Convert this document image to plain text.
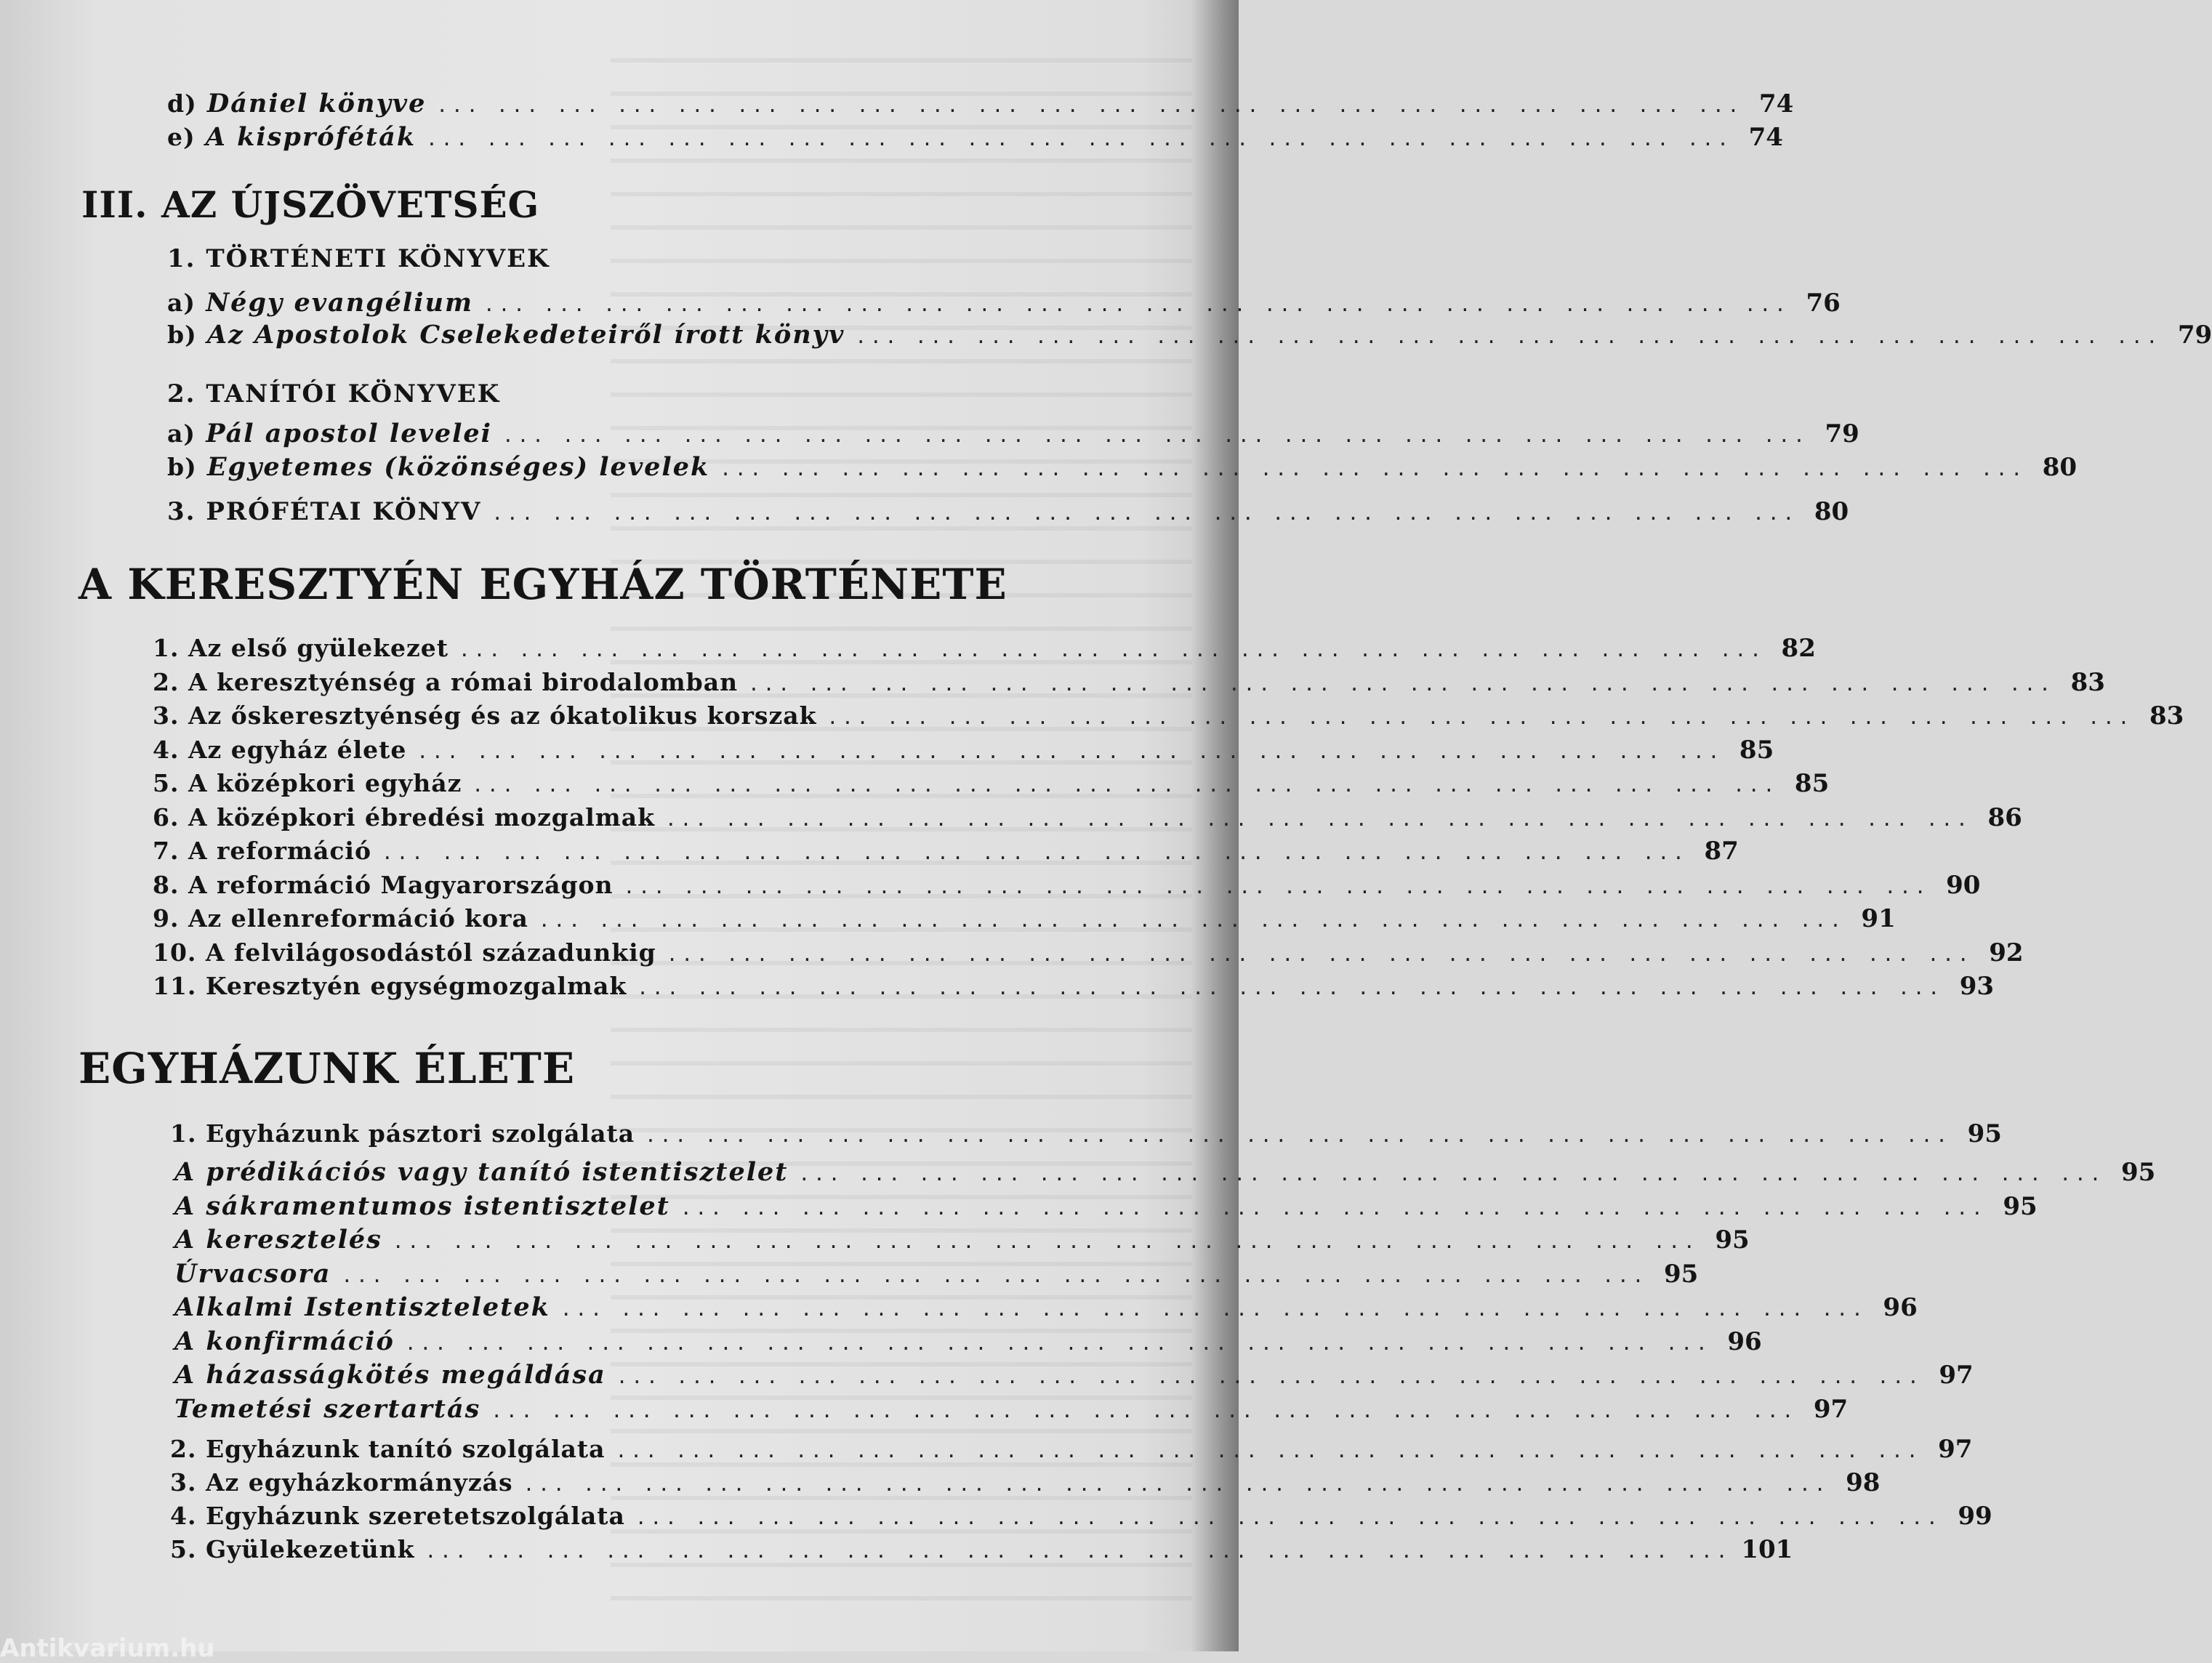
d) Dániel könyve ... ... ... ... ... ... ... ... ... ... ... ... ... ... ... ... ... ... ... ... ... ... 74
e) A kispróféták ... ... ... ... ... ... ... ... ... ... ... ... ... ... ... ... ... ... ... ... ... ... 74
III. AZ ÚJSZÖVETSÉG
1. TÖRTÉNETI KÖNYVEK
a) Négy evangélium ... ... ... ... ... ... ... ... ... ... ... ... ... ... ... ... ... ... ... ... ... ... 76
b) Az Apostolok Cselekedeteiről írott könyv ... ... ... ... ... ... ... ... ... ... ... ... ... ... ... ... ... ... ... ... ... ... 79
2. TANÍTÓI KÖNYVEK
a) Pál apostol levelei ... ... ... ... ... ... ... ... ... ... ... ... ... ... ... ... ... ... ... ... ... ... 79
b) Egyetemes (közönséges) levelek ... ... ... ... ... ... ... ... ... ... ... ... ... ... ... ... ... ... ... ... ... ... 80
3. PRÓFÉTAI KÖNYV ... ... ... ... ... ... ... ... ... ... ... ... ... ... ... ... ... ... ... ... ... ... 80
A KERESZTYÉN EGYHÁZ TÖRTÉNETE
EGYHÁZUNK ÉLETE
1. Egyházunk pásztori szolgálata ... ... ... ... ... ... ... ... ... ... ... ... ... ... ... ... ... ... ... ... ... ... 95
Antikvarium.hu
1. Az első gyülekezet ... ... ... ... ... ... ... ... ... ... ... ... ... ... ... ... ... ... ... ... ... ... 82
2. A keresztyénség a római birodalomban ... ... ... ... ... ... ... ... ... ... ... ... ... ... ... ... ... ... ... ... ... ... 83
3. Az őskeresztyénség és az ókatolikus korszak ... ... ... ... ... ... ... ... ... ... ... ... ... ... ... ... ... ... ... ... ... ... 83
4. Az egyház élete ... ... ... ... ... ... ... ... ... ... ... ... ... ... ... ... ... ... ... ... ... ... 85
5. A középkori egyház ... ... ... ... ... ... ... ... ... ... ... ... ... ... ... ... ... ... ... ... ... ... 85
6. A középkori ébredési mozgalmak ... ... ... ... ... ... ... ... ... ... ... ... ... ... ... ... ... ... ... ... ... ... 86
7. A reformáció ... ... ... ... ... ... ... ... ... ... ... ... ... ... ... ... ... ... ... ... ... ... 87
8. A reformáció Magyarországon ... ... ... ... ... ... ... ... ... ... ... ... ... ... ... ... ... ... ... ... ... ... 90
9. Az ellenreformáció kora ... ... ... ... ... ... ... ... ... ... ... ... ... ... ... ... ... ... ... ... ... ... 91
10. A felvilágosodástól századunkig ... ... ... ... ... ... ... ... ... ... ... ... ... ... ... ... ... ... ... ... ... ... 92
11. Keresztyén egységmozgalmak ... ... ... ... ... ... ... ... ... ... ... ... ... ... ... ... ... ... ... ... ... ... 93
A prédikációs vagy tanító istentisztelet ... ... ... ... ... ... ... ... ... ... ... ... ... ... ... ... ... ... ... ... ... ... 95
A sákramentumos istentisztelet ... ... ... ... ... ... ... ... ... ... ... ... ... ... ... ... ... ... ... ... ... ... 95
A keresztelés ... ... ... ... ... ... ... ... ... ... ... ... ... ... ... ... ... ... ... ... ... ... 95
Úrvacsora ... ... ... ... ... ... ... ... ... ... ... ... ... ... ... ... ... ... ... ... ... ... 95
Alkalmi Istentiszteletek ... ... ... ... ... ... ... ... ... ... ... ... ... ... ... ... ... ... ... ... ... ... 96
A konfirmáció ... ... ... ... ... ... ... ... ... ... ... ... ... ... ... ... ... ... ... ... ... ... 96
A házasságkötés megáldása ... ... ... ... ... ... ... ... ... ... ... ... ... ... ... ... ... ... ... ... ... ... 97
Temetési szertartás ... ... ... ... ... ... ... ... ... ... ... ... ... ... ... ... ... ... ... ... ... ... 97
2. Egyházunk tanító szolgálata ... ... ... ... ... ... ... ... ... ... ... ... ... ... ... ... ... ... ... ... ... ... 97
3. Az egyházkormányzás ... ... ... ... ... ... ... ... ... ... ... ... ... ... ... ... ... ... ... ... ... ... 98
4. Egyházunk szeretetszolgálata ... ... ... ... ... ... ... ... ... ... ... ... ... ... ... ... ... ... ... ... ... ... 99
5. Gyülekezetünk ... ... ... ... ... ... ... ... ... ... ... ... ... ... ... ... ... ... ... ... ... ... 101
